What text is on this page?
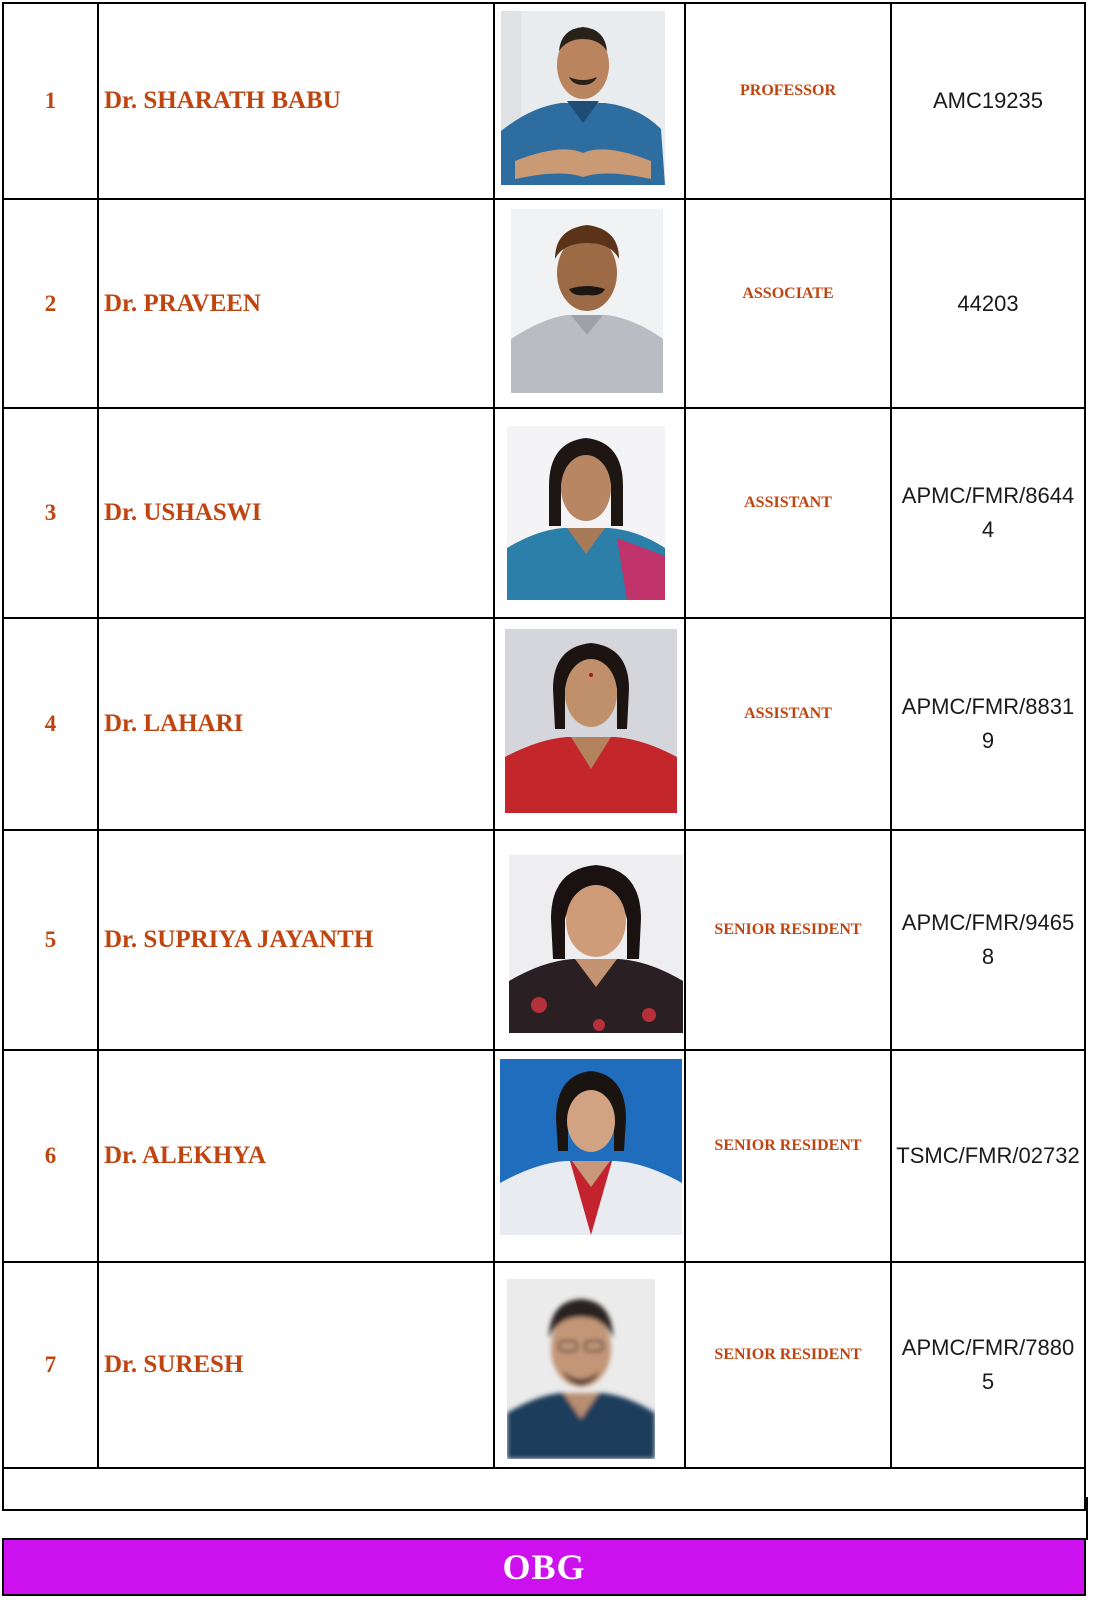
1	Dr. SHARATH BABU		PROFESSOR	AMC19235
2	Dr. PRAVEEN		ASSOCIATE	44203
3	Dr. USHASWI		ASSISTANT	APMC/FMR/86444
4	Dr. LAHARI		ASSISTANT	APMC/FMR/88319
5	Dr. SUPRIYA JAYANTH		SENIOR RESIDENT	APMC/FMR/94658
6	Dr. ALEKHYA		SENIOR RESIDENT	TSMC/FMR/02732
7	Dr. SURESH		SENIOR RESIDENT	APMC/FMR/78805

OBG
